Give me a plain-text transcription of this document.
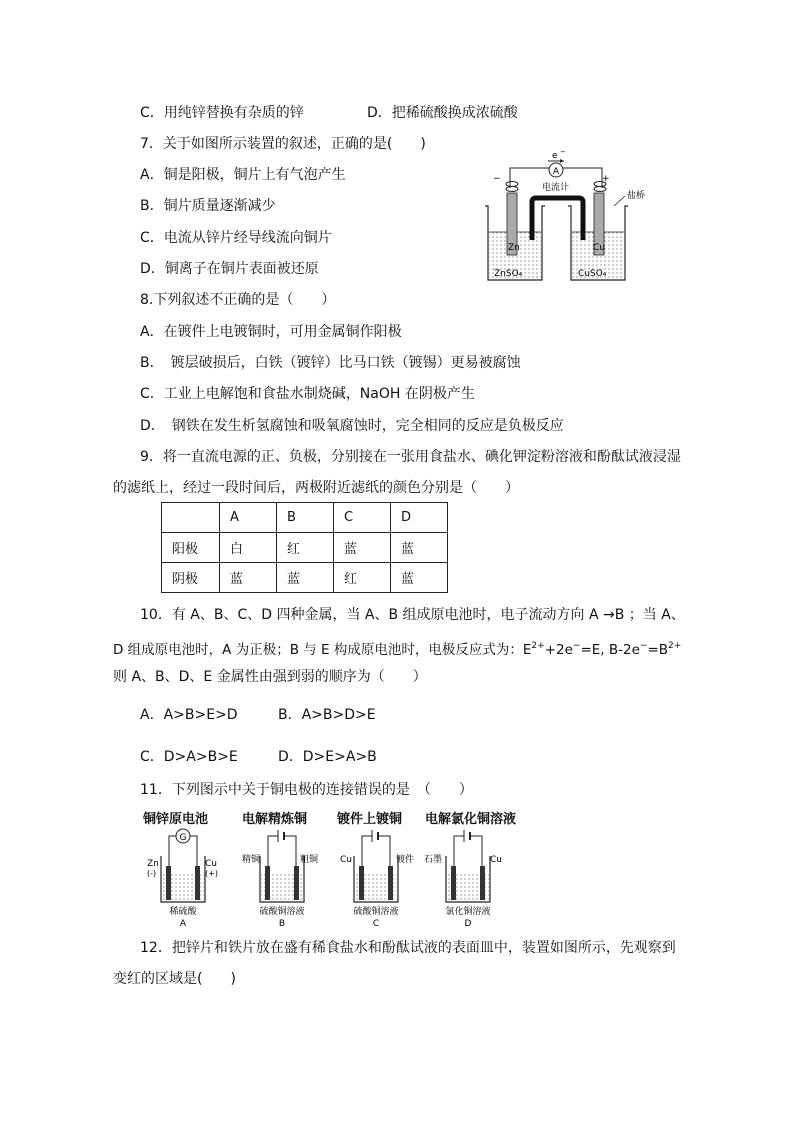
C．用纯锌替换有杂质的锌	D．把稀硫酸换成浓硫酸
7．关于如图所示装置的叙述，正确的是(　　)
A．铜是阳极，铜片上有气泡产生
B．铜片质量逐渐减少
C．电流从锌片经导线流向铜片
D．铜离子在铜片表面被还原
A
e −
电流计
−	+
盐桥
Zn	Cu
ZnSO₄	CuSO₄
8.下列叙述不正确的是（　　）
A．在镀件上电镀铜时，可用金属铜作阳极
B．　镀层破损后，白铁（镀锌）比马口铁（镀锡）更易被腐蚀
C．工业上电解饱和食盐水制烧碱，NaOH 在阴极产生
D．　钢铁在发生析氢腐蚀和吸氧腐蚀时，完全相同的反应是负极反应
9．将一直流电源的正、负极，分别接在一张用食盐水、碘化钾淀粉溶液和酚酞试液浸湿
的滤纸上，经过一段时间后，两极附近滤纸的颜色分别是（　　）
	A	B	C	D
阳极	白	红	蓝	蓝
阴极	蓝	蓝	红	蓝
10．有 A、B、C、D 四种金属，当 A、B 组成原电池时，电子流动方向 A →B ；当 A、
D 组成原电池时，A 为正极；B 与 E 构成原电池时，电极反应式为：$E^{2+}+2e^-=E$, $B-2e^-=B^{2+}$
则 A、B、D、E 金属性由强到弱的顺序为（　　）
A．A>B>E>D	B．A>B>D>E
C．D>A>B>E	D．D>E>A>B
11．下列图示中关于铜电极的连接错误的是　（　　）
铜锌原电池	电解精炼铜 镀件上镀铜 电解氯化铜溶液
G
Zn
(-)
Cu
(+)
稀硫酸
A
精铜	粗铜
硫酸铜溶液
B
Cu	镀件
硫酸铜溶液
C
石墨	Cu
氯化铜溶液
D
12．把锌片和铁片放在盛有稀食盐水和酚酞试液的表面皿中，装置如图所示，先观察到
变红的区域是(　　)
